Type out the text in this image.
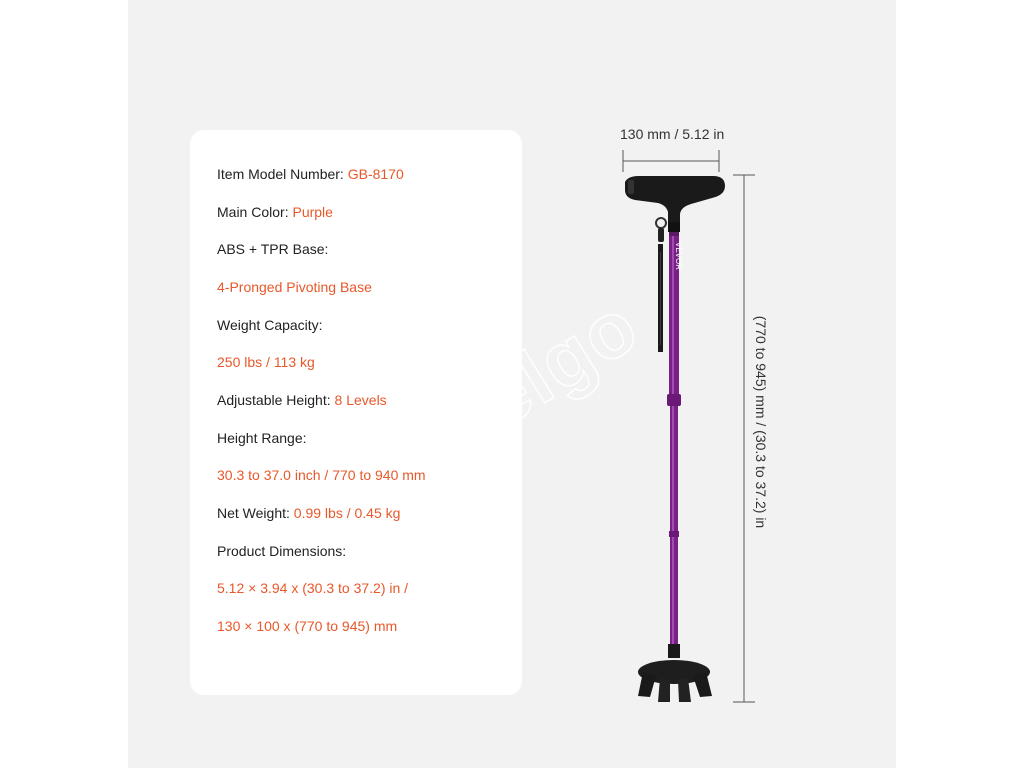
Item Model Number: GB-8170

Main Color: Purple

ABS + TPR Base:

4-Pronged Pivoting Base

Weight Capacity:

250 lbs / 113 kg

Adjustable Height: 8 Levels

Height Range:

30.3 to 37.0 inch / 770 to 940 mm

Net Weight: 0.99 lbs / 0.45 kg

Product Dimensions:

5.12 × 3.94 x (30.3 to 37.2) in /

130 × 100 x (770 to 945) mm

Melgo
VEVOR
130 mm / 5.12 in
(770 to 945) mm / (30.3 to 37.2) in
